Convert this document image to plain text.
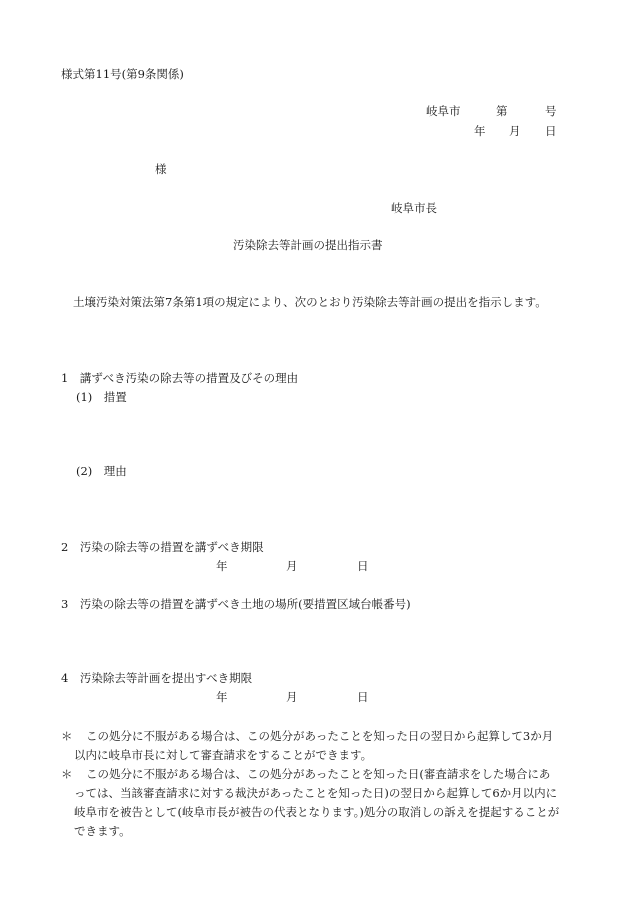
様式第11号(第9条関係)
岐阜市	第	号
年 月 日
様
岐阜市長
汚染除去等計画の提出指示書
土壌汚染対策法第7条第1項の規定により、次のとおり汚染除去等計画の提出を指示します。
1　講ずべき汚染の除去等の措置及びその理由
(1)　措置
(2)　理由
2　汚染の除去等の措置を講ずべき期限
年	月	日
3　汚染の除去等の措置を講ずべき土地の場所(要措置区域台帳番号)
4　汚染除去等計画を提出すべき期限
年	月	日
＊	この処分に不服がある場合は、この処分があったことを知った日の翌日から起算して3か月以内に岐阜市長に対して審査請求をすることができます。
＊	この処分に不服がある場合は、この処分があったことを知った日(審査請求をした場合にあっては、当該審査請求に対する裁決があったことを知った日)の翌日から起算して6か月以内に岐阜市を被告として(岐阜市長が被告の代表となります。)処分の取消しの訴えを提起することができます。
